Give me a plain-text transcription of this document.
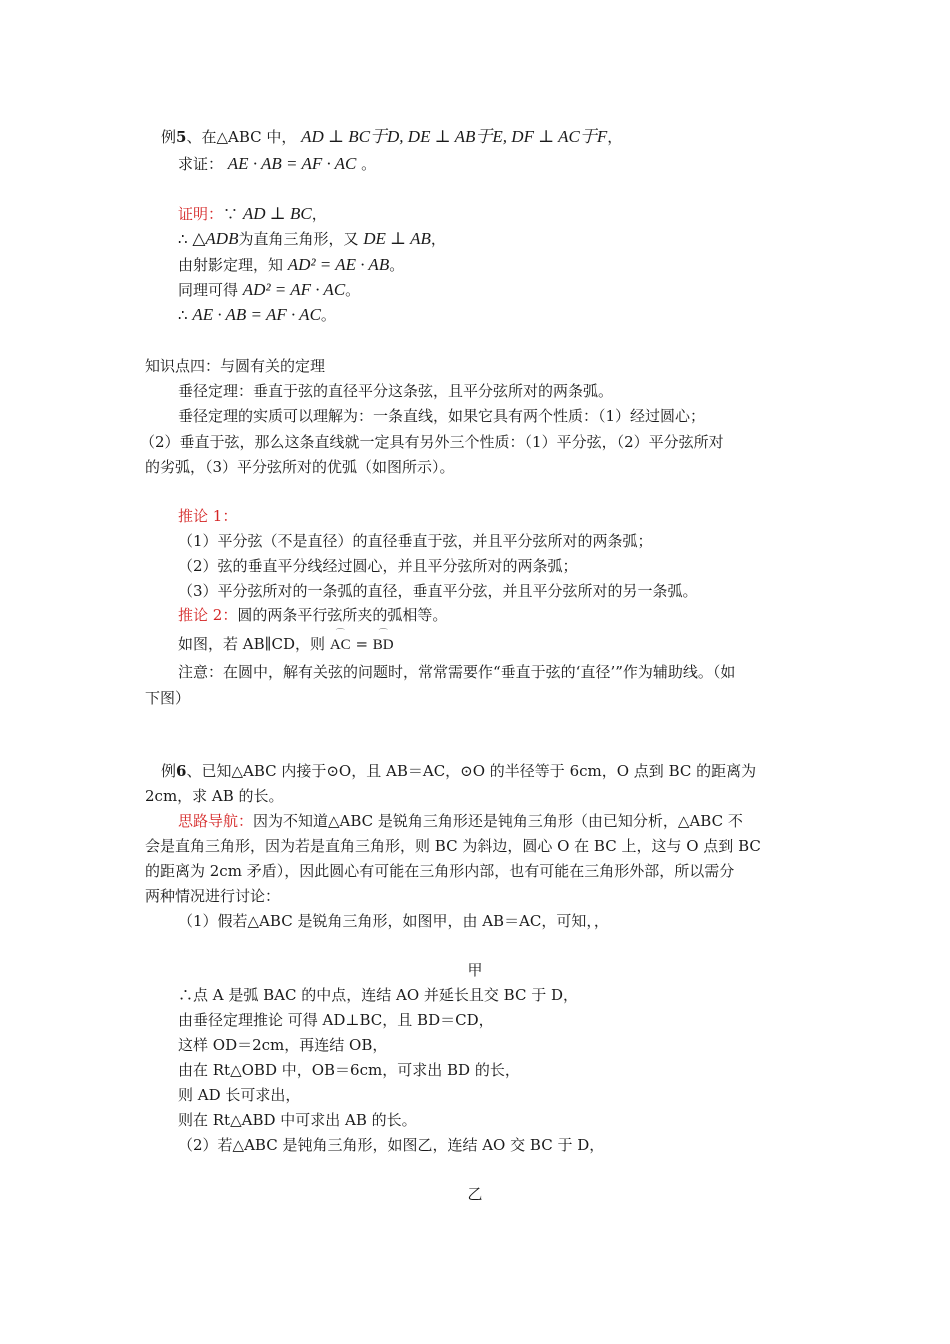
例5、在△ABC 中， AD ⊥ BC于D, DE ⊥ AB于E, DF ⊥ AC于F，
求证： AE · AB = AF · AC 。
证明：∵ AD ⊥ BC，
∴ △ADB为直角三角形，又 DE ⊥ AB，
由射影定理，知 AD² = AE · AB。
同理可得 AD² = AF · AC。
∴ AE · AB = AF · AC。
知识点四：与圆有关的定理
垂径定理：垂直于弦的直径平分这条弦，且平分弦所对的两条弧。
垂径定理的实质可以理解为：一条直线，如果它具有两个性质：（1）经过圆心；
（2）垂直于弦，那么这条直线就一定具有另外三个性质：（1）平分弦，（2）平分弦所对
的劣弧，（3）平分弦所对的优弧（如图所示）。
推论 1：
（1）平分弦（不是直径）的直径垂直于弦，并且平分弦所对的两条弧；
（2）弦的垂直平分线经过圆心，并且平分弦所对的两条弧；
（3）平分弦所对的一条弧的直径，垂直平分弦，并且平分弦所对的另一条弧。
推论 2：圆的两条平行弦所夹的弧相等。
如图，若 AB∥CD，则 ⌒ AC = ⌒ BD
注意：在圆中，解有关弦的问题时，常常需要作“垂直于弦的‘直径’”作为辅助线。（如
下图）
例6、已知△ABC 内接于⊙O，且 AB＝AC，⊙O 的半径等于 6cm，O 点到 BC 的距离为
2cm，求 AB 的长。
思路导航：因为不知道△ABC 是锐角三角形还是钝角三角形（由已知分析，△ABC 不
会是直角三角形，因为若是直角三角形，则 BC 为斜边，圆心 O 在 BC 上，这与 O 点到 BC
的距离为 2cm 矛盾），因此圆心有可能在三角形内部，也有可能在三角形外部，所以需分
两种情况进行讨论：
（1）假若△ABC 是锐角三角形，如图甲，由 AB＝AC，可知，，
甲
∴点 A 是弧 BAC 的中点，连结 AO 并延长且交 BC 于 D，
由垂径定理推论 可得 AD⊥BC，且 BD＝CD，
这样 OD＝2cm，再连结 OB，
由在 Rt△OBD 中，OB＝6cm，可求出 BD 的长，
则 AD 长可求出，
则在 Rt△ABD 中可求出 AB 的长。
（2）若△ABC 是钝角三角形，如图乙，连结 AO 交 BC 于 D，
乙
